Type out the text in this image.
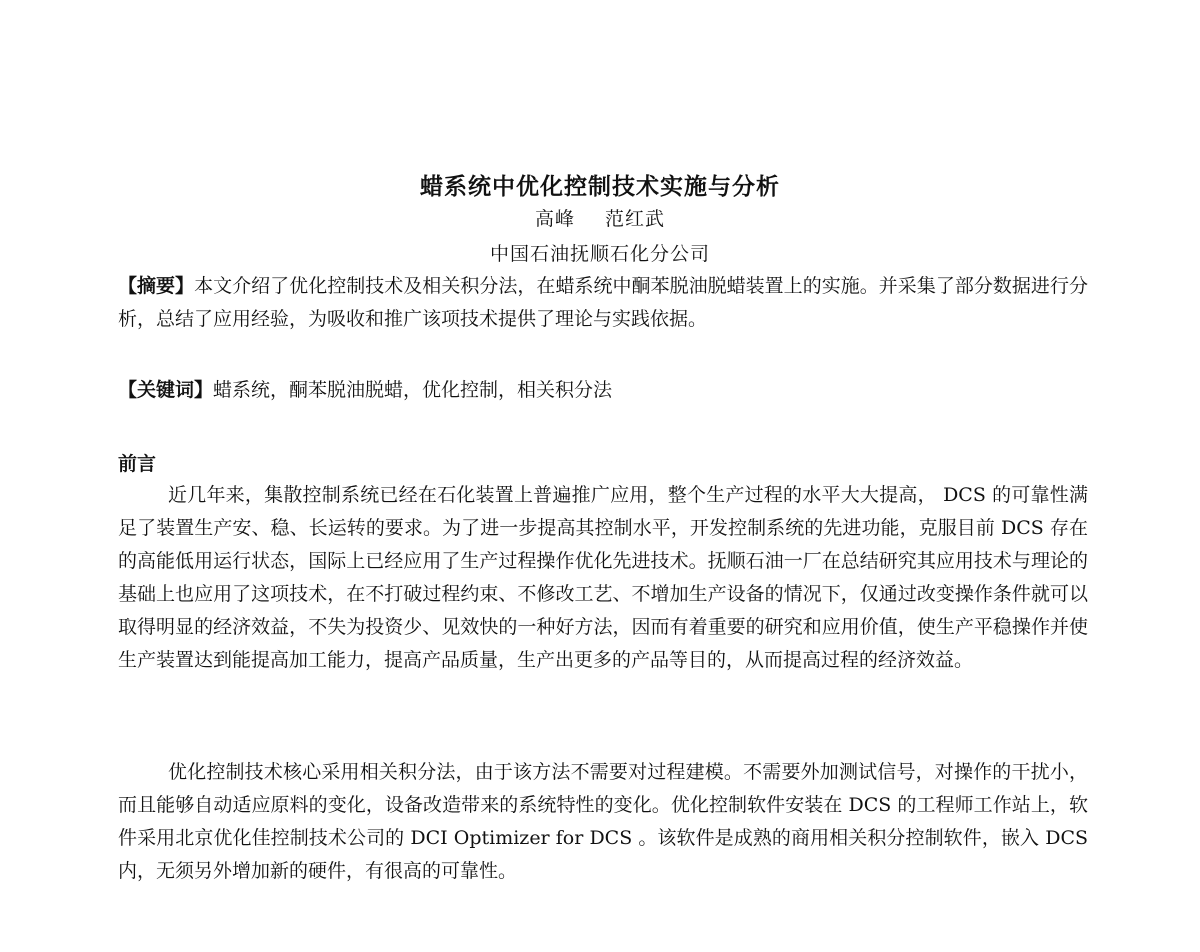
蜡系统中优化控制技术实施与分析
高峰 范红武
中国石油抚顺石化分公司
【摘要】本文介绍了优化控制技术及相关积分法，在蜡系统中酮苯脱油脱蜡装置上的实施。并采集了部分数据进行分析，总结了应用经验，为吸收和推广该项技术提供了理论与实践依据。
【关键词】蜡系统，酮苯脱油脱蜡，优化控制，相关积分法
前言
近几年来，集散控制系统已经在石化装置上普遍推广应用，整个生产过程的水平大大提高， DCS 的可靠性满足了装置生产安、稳、长运转的要求。为了进一步提高其控制水平，开发控制系统的先进功能，克服目前 DCS 存在的高能低用运行状态，国际上已经应用了生产过程操作优化先进技术。抚顺石油一厂在总结研究其应用技术与理论的基础上也应用了这项技术，在不打破过程约束、不修改工艺、不增加生产设备的情况下，仅通过改变操作条件就可以取得明显的经济效益，不失为投资少、见效快的一种好方法，因而有着重要的研究和应用价值，使生产平稳操作并使生产装置达到能提高加工能力，提高产品质量，生产出更多的产品等目的，从而提高过程的经济效益。
优化控制技术核心采用相关积分法，由于该方法不需要对过程建模。不需要外加测试信号，对操作的干扰小，而且能够自动适应原料的变化，设备改造带来的系统特性的变化。优化控制软件安装在 DCS 的工程师工作站上，软件采用北京优化佳控制技术公司的 DCI Optimizer for DCS 。该软件是成熟的商用相关积分控制软件，嵌入 DCS 内，无须另外增加新的硬件，有很高的可靠性。
